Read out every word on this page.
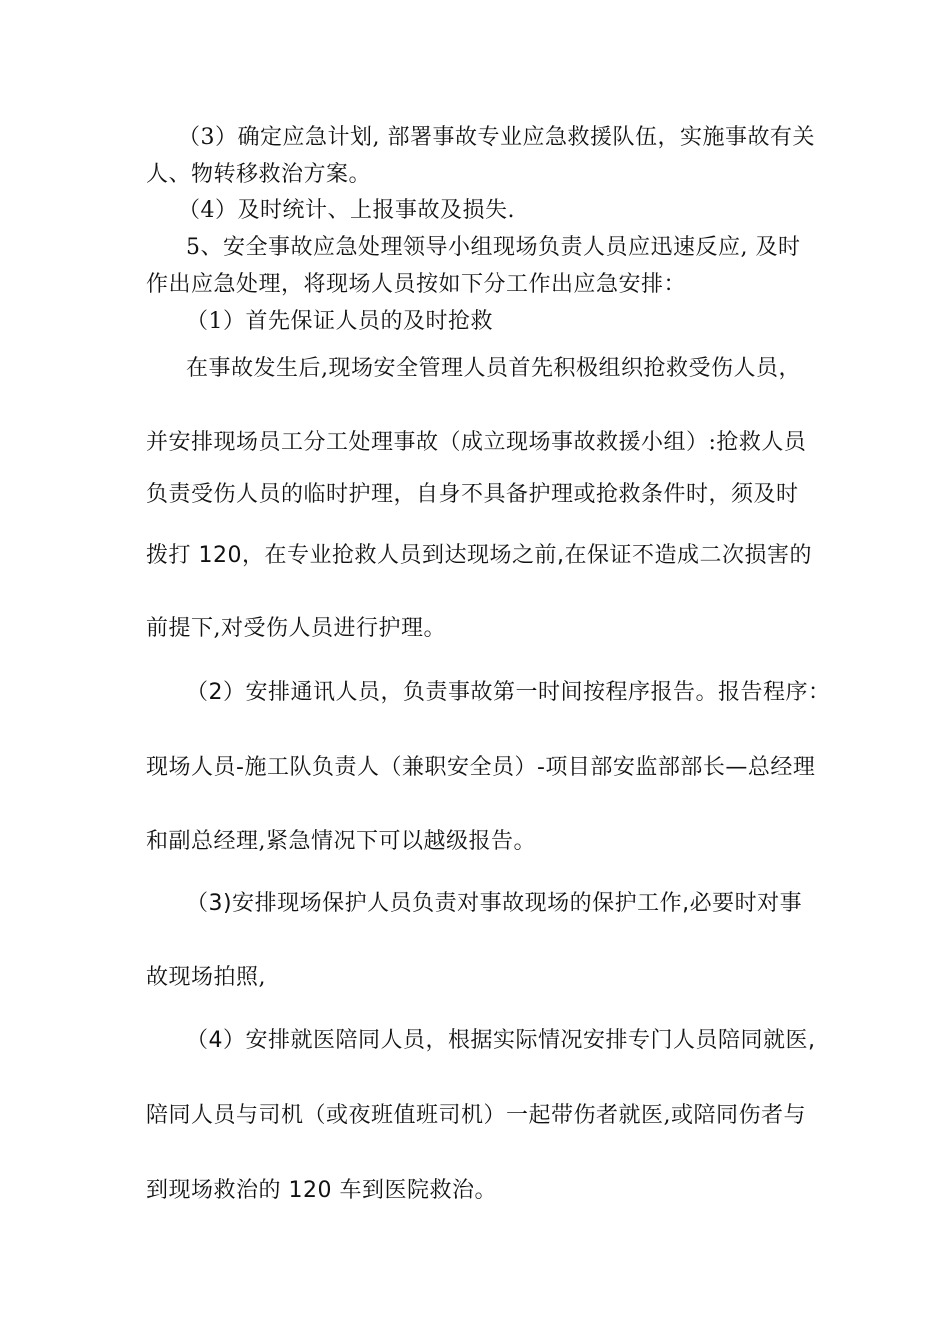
（3）确定应急计划, 部署事故专业应急救援队伍，实施事故有关
人、物转移救治方案。
（4）及时统计、上报事故及损失.
5、安全事故应急处理领导小组现场负责人员应迅速反应, 及时
作出应急处理，将现场人员按如下分工作出应急安排：
（1）首先保证人员的及时抢救
在事故发生后,现场安全管理人员首先积极组织抢救受伤人员，
并安排现场员工分工处理事故（成立现场事故救援小组）:抢救人员
负责受伤人员的临时护理，自身不具备护理或抢救条件时，须及时
拨打 120，在专业抢救人员到达现场之前,在保证不造成二次损害的
前提下,对受伤人员进行护理。
（2）安排通讯人员，负责事故第一时间按程序报告。报告程序：
现场人员-施工队负责人（兼职安全员）-项目部安监部部长—总经理
和副总经理,紧急情况下可以越级报告。
（3)安排现场保护人员负责对事故现场的保护工作,必要时对事
故现场拍照,
（4）安排就医陪同人员，根据实际情况安排专门人员陪同就医,
陪同人员与司机（或夜班值班司机）一起带伤者就医,或陪同伤者与
到现场救治的 120 车到医院救治。
